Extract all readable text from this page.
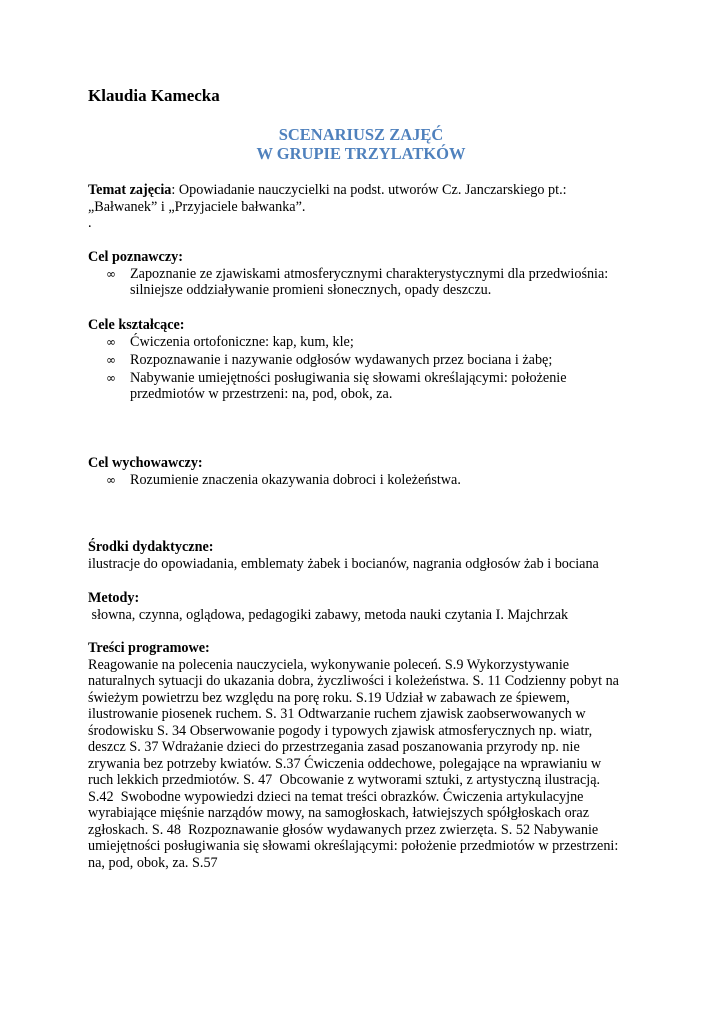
Klaudia Kamecka
SCENARIUSZ ZAJĘĆ
W GRUPIE TRZYLATKÓW
Temat zajęcia: Opowiadanie nauczycielki na podst. utworów Cz. Janczarskiego pt.:
„Bałwanek” i „Przyjaciele bałwanka”.
.
Cel poznawczy:
∞ Zapoznanie ze zjawiskami atmosferycznymi charakterystycznymi dla przedwiośnia:
silniejsze oddziaływanie promieni słonecznych, opady deszczu.
Cele kształcące:
∞ Ćwiczenia ortofoniczne: kap, kum, kle;
∞ Rozpoznawanie i nazywanie odgłosów wydawanych przez bociana i żabę;
∞ Nabywanie umiejętności posługiwania się słowami określającymi: położenie
przedmiotów w przestrzeni: na, pod, obok, za.
Cel wychowawczy:
∞ Rozumienie znaczenia okazywania dobroci i koleżeństwa.
Środki dydaktyczne:
ilustracje do opowiadania, emblematy żabek i bocianów, nagrania odgłosów żab i bociana
Metody:
słowna, czynna, oglądowa, pedagogiki zabawy, metoda nauki czytania I. Majchrzak
Treści programowe:
Reagowanie na polecenia nauczyciela, wykonywanie poleceń. S.9 Wykorzystywanie
naturalnych sytuacji do ukazania dobra, życzliwości i koleżeństwa. S. 11 Codzienny pobyt na
świeżym powietrzu bez względu na porę roku. S.19 Udział w zabawach ze śpiewem,
ilustrowanie piosenek ruchem. S. 31 Odtwarzanie ruchem zjawisk zaobserwowanych w
środowisku S. 34 Obserwowanie pogody i typowych zjawisk atmosferycznych np. wiatr,
deszcz S. 37 Wdrażanie dzieci do przestrzegania zasad poszanowania przyrody np. nie
zrywania bez potrzeby kwiatów. S.37 Ćwiczenia oddechowe, polegające na wprawianiu w
ruch lekkich przedmiotów. S. 47  Obcowanie z wytworami sztuki, z artystyczną ilustracją.
S.42  Swobodne wypowiedzi dzieci na temat treści obrazków. Ćwiczenia artykulacyjne
wyrabiające mięśnie narządów mowy, na samogłoskach, łatwiejszych spółgłoskach oraz
zgłoskach. S. 48  Rozpoznawanie głosów wydawanych przez zwierzęta. S. 52 Nabywanie
umiejętności posługiwania się słowami określającymi: położenie przedmiotów w przestrzeni:
na, pod, obok, za. S.57
